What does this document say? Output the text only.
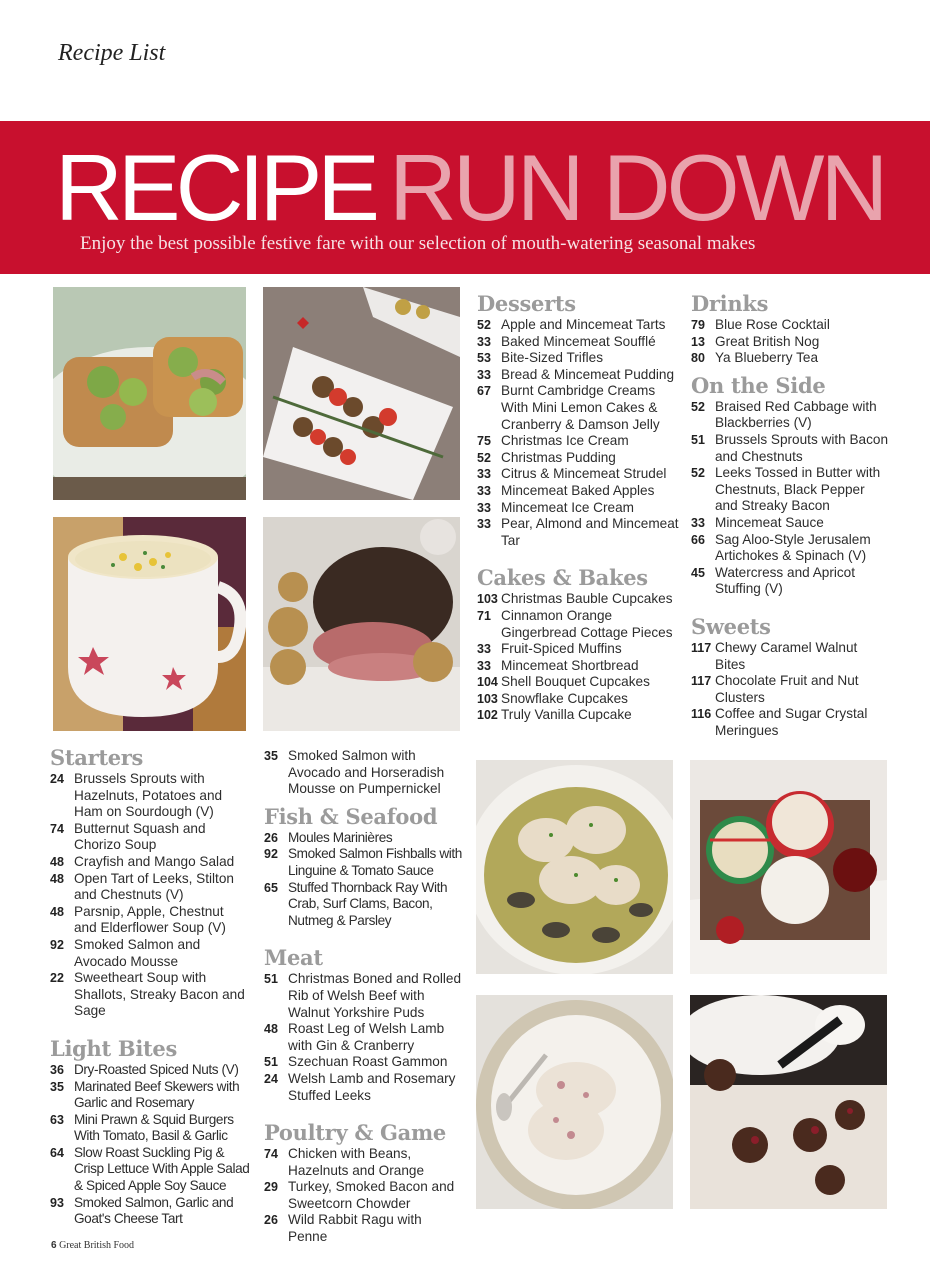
Recipe List
RECIPE RUN DOWN
Enjoy the best possible festive fare with our selection of mouth-watering seasonal makes
Desserts
52 Apple and Mincemeat Tarts
33 Baked Mincemeat Soufflé
53 Bite-Sized Trifles
33 Bread & Mincemeat Pudding
67 Burnt Cambridge Creams With Mini Lemon Cakes & Cranberry & Damson Jelly
75 Christmas Ice Cream
52 Christmas Pudding
33 Citrus & Mincemeat Strudel
33 Mincemeat Baked Apples
33 Mincemeat Ice Cream
33 Pear, Almond and Mincemeat Tar
Cakes & Bakes
103 Christmas Bauble Cupcakes
71 Cinnamon Orange Gingerbread Cottage Pieces
33 Fruit-Spiced Muffins
33 Mincemeat Shortbread
104 Shell Bouquet Cupcakes
103 Snowflake Cupcakes
102 Truly Vanilla Cupcake
Drinks
79 Blue Rose Cocktail
13 Great British Nog
80 Ya Blueberry Tea
On the Side
52 Braised Red Cabbage with Blackberries (V)
51 Brussels Sprouts with Bacon and Chestnuts
52 Leeks Tossed in Butter with Chestnuts, Black Pepper and Streaky Bacon
33 Mincemeat Sauce
66 Sag Aloo-Style Jerusalem Artichokes & Spinach (V)
45 Watercress and Apricot Stuffing (V)
Sweets
117 Chewy Caramel Walnut Bites
117 Chocolate Fruit and Nut Clusters
116 Coffee and Sugar Crystal Meringues
Starters
24 Brussels Sprouts with Hazelnuts, Potatoes and Ham on Sourdough (V)
74 Butternut Squash and Chorizo Soup
48 Crayfish and Mango Salad
48 Open Tart of Leeks, Stilton and Chestnuts (V)
48 Parsnip, Apple, Chestnut and Elderflower Soup (V)
92 Smoked Salmon and Avocado Mousse
22 Sweetheart Soup with Shallots, Streaky Bacon and Sage
Light Bites
36 Dry-Roasted Spiced Nuts (V)
35 Marinated Beef Skewers with Garlic and Rosemary
63 Mini Prawn & Squid Burgers With Tomato, Basil & Garlic
64 Slow Roast Suckling Pig & Crisp Lettuce With Apple Salad & Spiced Apple Soy Sauce
93 Smoked Salmon, Garlic and Goat's Cheese Tart
35 Smoked Salmon with Avocado and Horseradish Mousse on Pumpernickel
Fish & Seafood
26 Moules Marinières
92 Smoked Salmon Fishballs with Linguine & Tomato Sauce
65 Stuffed Thornback Ray With Crab, Surf Clams, Bacon, Nutmeg & Parsley
Meat
51 Christmas Boned and Rolled Rib of Welsh Beef with Walnut Yorkshire Puds
48 Roast Leg of Welsh Lamb with Gin & Cranberry
51 Szechuan Roast Gammon
24 Welsh Lamb and Rosemary Stuffed Leeks
Poultry & Game
74 Chicken with Beans, Hazelnuts and Orange
29 Turkey, Smoked Bacon and Sweetcorn Chowder
26 Wild Rabbit Ragu with Penne
6 Great British Food
